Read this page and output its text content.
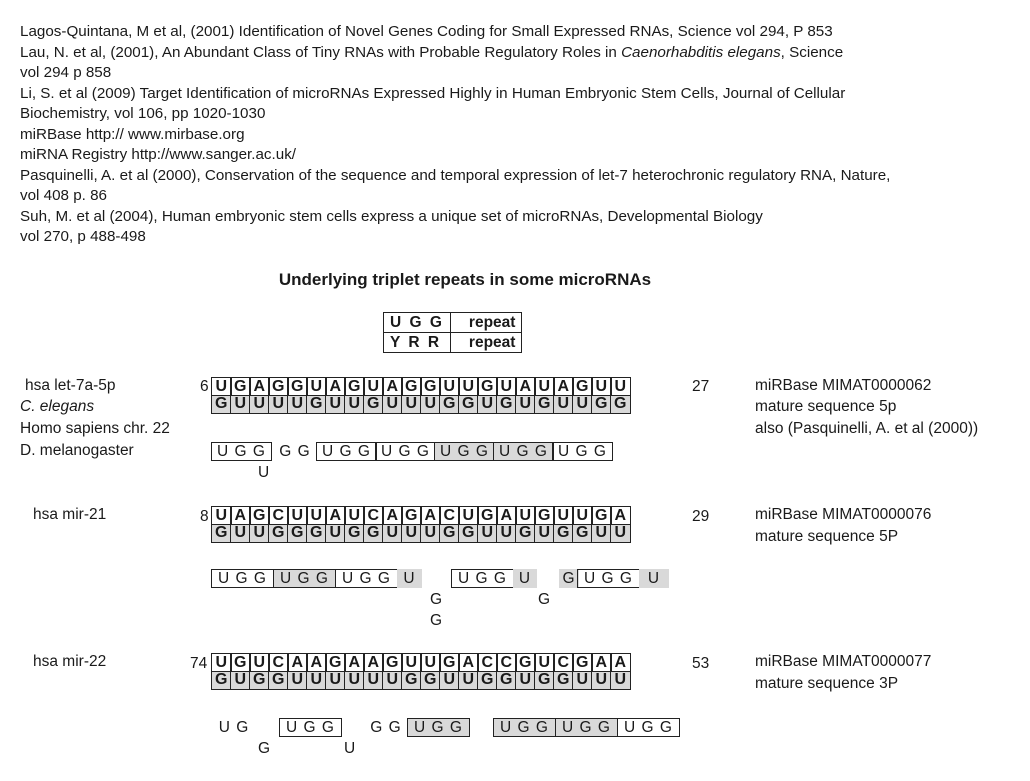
Lagos-Quintana, M et al, (2001) Identification of Novel Genes Coding for Small Expressed RNAs, Science vol 294, P 853
Lau, N. et al, (2001), An Abundant Class of Tiny RNAs with Probable Regulatory Roles in Caenorhabditis elegans, Science
vol 294 p 858
Li, S. et al (2009) Target Identification of microRNAs Expressed Highly in Human Embryonic Stem Cells, Journal of Cellular
Biochemistry, vol 106, pp 1020-1030
miRBase http:// www.mirbase.org
miRNA Registry http://www.sanger.ac.uk/
Pasquinelli, A. et al (2000), Conservation of the sequence and temporal expression of let-7 heterochronic regulatory RNA, Nature,
vol 408 p. 86
Suh, M. et al (2004), Human embryonic stem cells express a unique set of microRNAs, Developmental Biology
vol 270, p 488-498
Underlying triplet repeats in some microRNAs
U G G	repeat
Y R R	repeat
hsa let-7a-5p
C. elegans
Homo sapiens chr. 22
D. melanogaster
6	27
U G A G G U A G U A G G U U G U A U A G U U
G U U U U G U U G U U U G G U G U G U U G G
miRBase MIMAT0000062
mature sequence 5p
also (Pasquinelli, A. et al (2000))
U G G G G U G G U G G U G G U G G U G G
U
hsa mir-21	8	29
U A G C U U A U C A G A C U G A U G U U G A
G U U G G G U G G U U U G G U U G U G G U U
miRBase MIMAT0000076
mature sequence 5P
U G G U G G U G G U	U G G U	G U G G U
G	G
G
hsa mir-22	74	53
U G U C A A G A A G U U G A C C G U C G A A
G U G G U U U U U U G G U U G G U G G U U U
miRBase MIMAT0000077
mature sequence 3P
U G	U G G	G G U G G	U G G U G G U G G
G	U
